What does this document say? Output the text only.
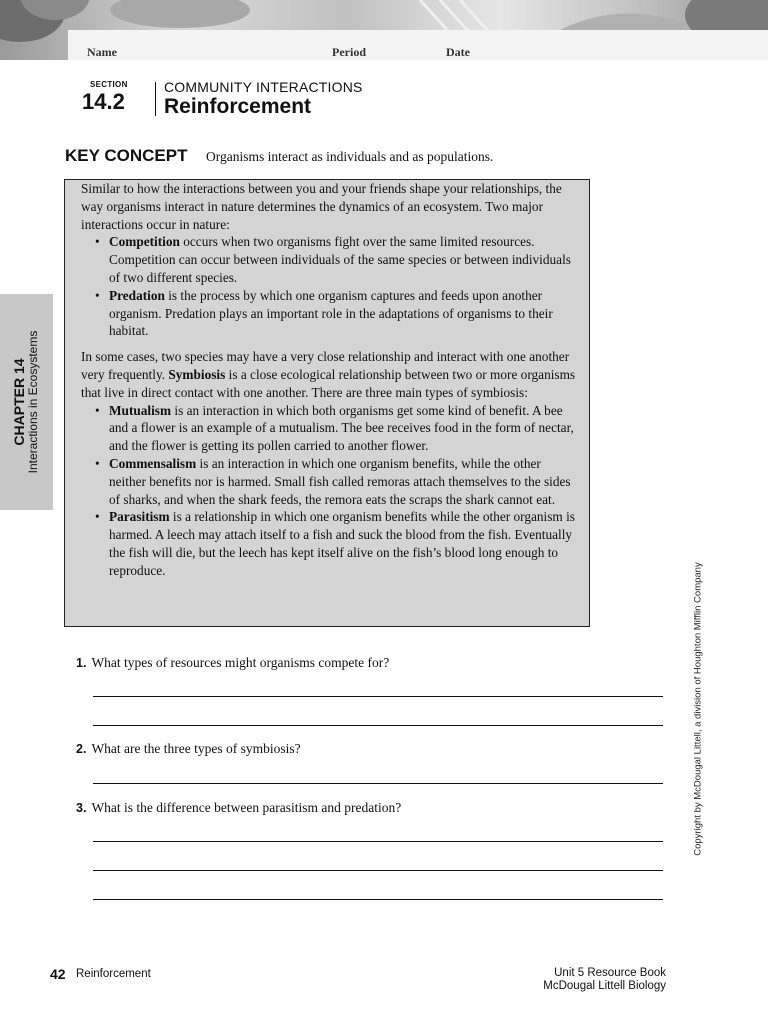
Name	Period	Date
SECTION
14.2
COMMUNITY INTERACTIONS
Reinforcement
KEY CONCEPT Organisms interact as individuals and as populations.

Similar to how the interactions between you and your friends shape your relationships, the way organisms interact in nature determines the dynamics of an ecosystem. Two major interactions occur in nature:

• Competition occurs when two organisms fight over the same limited resources. Competition can occur between individuals of the same species or between individuals of two different species.
• Predation is the process by which one organism captures and feeds upon another organism. Predation plays an important role in the adaptations of organisms to their habitat.

In some cases, two species may have a very close relationship and interact with one another very frequently. Symbiosis is a close ecological relationship between two or more organisms that live in direct contact with one another. There are three main types of symbiosis:

• Mutualism is an interaction in which both organisms get some kind of benefit. A bee and a flower is an example of a mutualism. The bee receives food in the form of nectar, and the flower is getting its pollen carried to another flower.
• Commensalism is an interaction in which one organism benefits, while the other neither benefits nor is harmed. Small fish called remoras attach themselves to the sides of sharks, and when the shark feeds, the remora eats the scraps the shark cannot eat.
• Parasitism is a relationship in which one organism benefits while the other organism is harmed. A leech may attach itself to a fish and suck the blood from the fish. Eventually the fish will die, but the leech has kept itself alive on the fish’s blood long enough to reproduce.
CHAPTER 14 Interactions in Ecosystems
Copyright by McDougal Littell, a division of Houghton Mifflin Company
1. What types of resources might organisms compete for?
2. What are the three types of symbiosis?
3. What is the difference between parasitism and predation?
42 Reinforcement	Unit 5 Resource Book
McDougal Littell Biology
